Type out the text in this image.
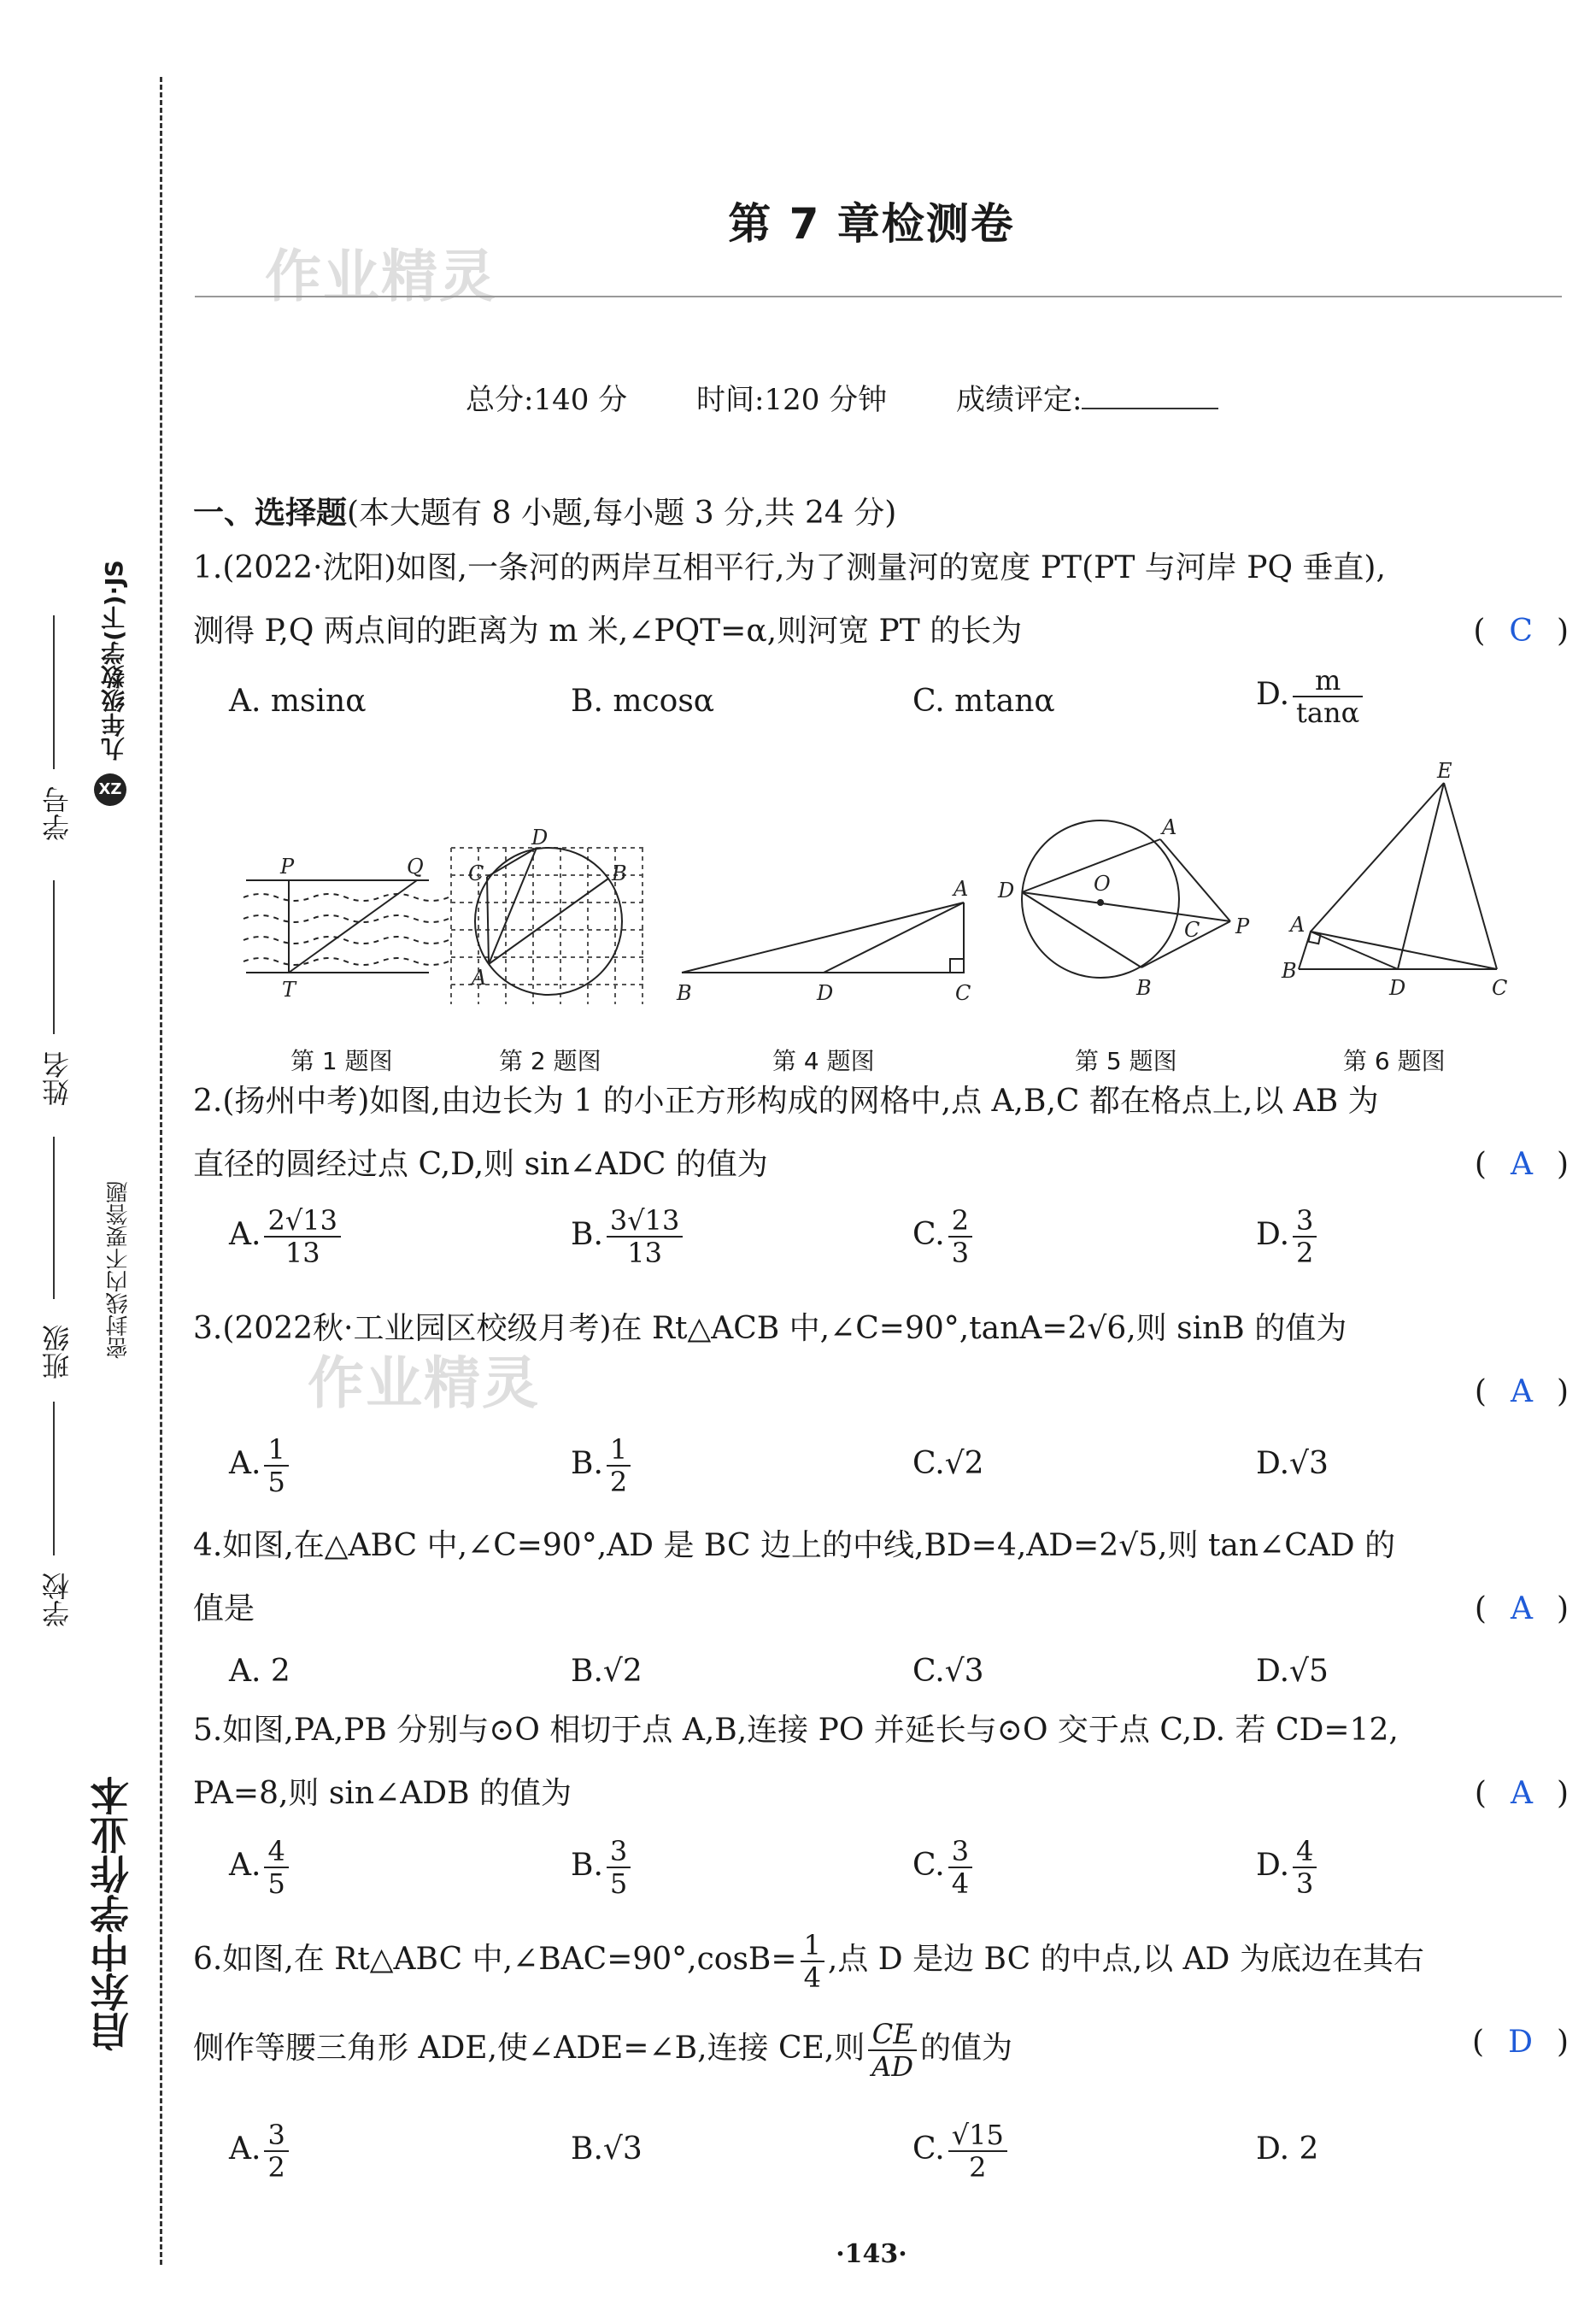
启东中学作业本
密封线内不要答题
XZ
九年级数学(下)·JS
学校
班级
姓名
学号
作业精灵
作业精灵
第 7 章检测卷
总分:140 分 时间:120 分钟 成绩评定:
一、选择题(本大题有 8 小题,每小题 3 分,共 24 分)
1.(2022·沈阳)如图,一条河的两岸互相平行,为了测量河的宽度 PT(PT 与河岸 PQ 垂直),
测得 P,Q 两点间的距离为 m 米,∠PQT=α,则河宽 PT 的长为	( C )
A. msinα	B. mcosα	C. mtanα	D. $\frac{m}{\tan\alpha}$
P	Q
T
D
C	B
A
A
B	D	C
A
D	O
C P
B
E
A
B
D	C
第 1 题图	第 2 题图	第 4 题图	第 5 题图	第 6 题图
2.(扬州中考)如图,由边长为 1 的小正方形构成的网格中,点 A,B,C 都在格点上,以 AB 为
直径的圆经过点 C,D,则 sin∠ADC 的值为	( A )
A. $\frac{2√13}{13}$	B. $\frac{3√13}{13}$	C. $\frac{2}{3}$	D. $\frac{3}{2}$
3.(2022秋·工业园区校级月考)在 Rt△ACB 中,∠C=90°,tanA=2√6,则 sinB 的值为

( A )
A. $\frac{1}{5}$	B. $\frac{1}{2}$	C.√2	D.√3
4.如图,在△ABC 中,∠C=90°,AD 是 BC 边上的中线,BD=4,AD=2√5,则 tan∠CAD 的
值是	( A )
A. 2	B.√2	C.√3	D.√5
5.如图,PA,PB 分别与⊙O 相切于点 A,B,连接 PO 并延长与⊙O 交于点 C,D. 若 CD=12,
PA=8,则 sin∠ADB 的值为	( A )
A. $\frac{4}{5}$	B. $\frac{3}{5}$	C. $\frac{3}{4}$	D. $\frac{4}{3}$
6.如图,在 Rt△ABC 中,∠BAC=90°,cosB= $\frac{1}{4}$ ,点 D 是边 BC 的中点,以 AD 为底边在其右
侧作等腰三角形 ADE,使∠ADE=∠B,连接 CE,则 $\frac{CE}{AD}$ 的值为	( D )
A. $\frac{3}{2}$	B.√3	C. $\frac{√15}{2}$	D. 2
·143·
